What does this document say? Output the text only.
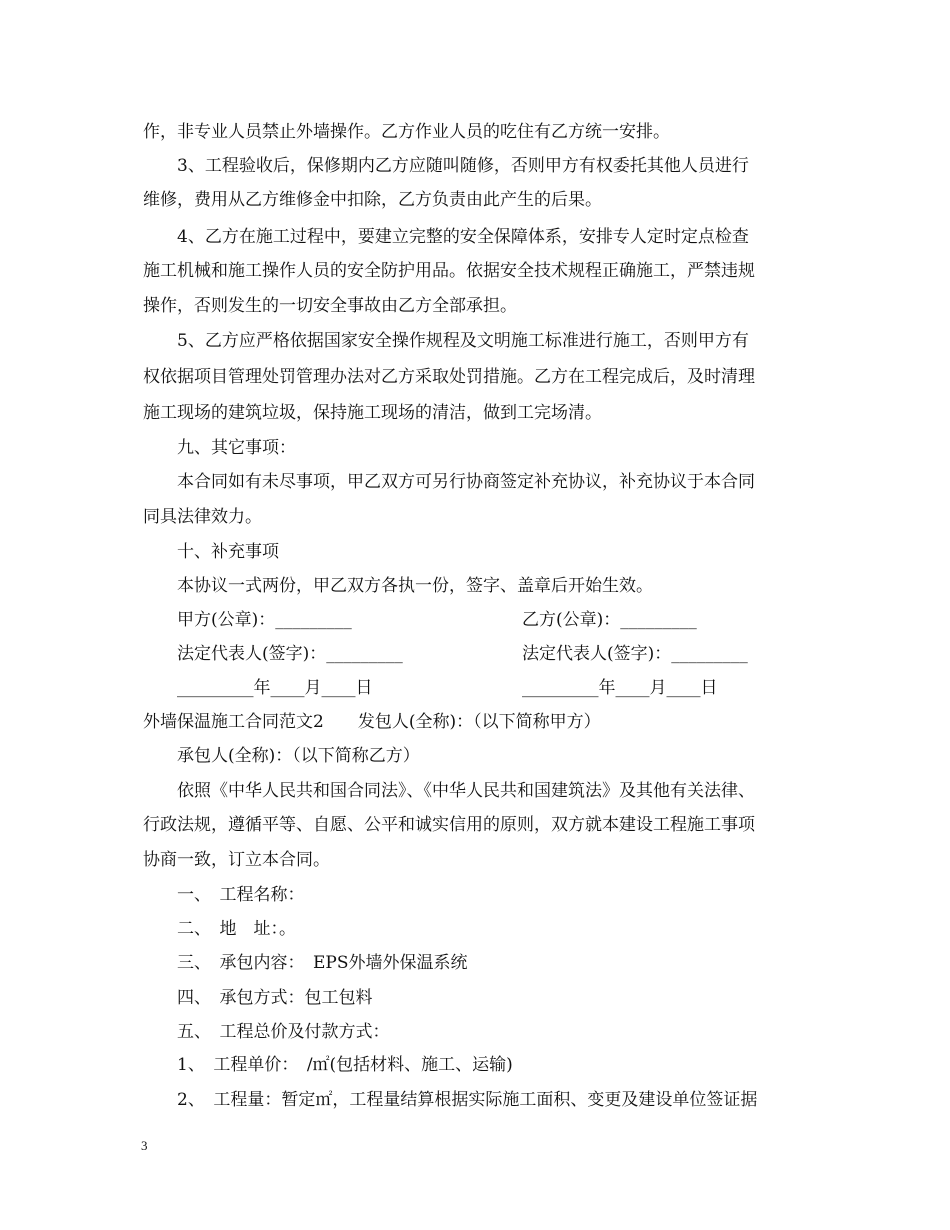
作，非专业人员禁止外墙操作。乙方作业人员的吃住有乙方统一安排。
3、工程验收后，保修期内乙方应随叫随修，否则甲方有权委托其他人员进行
维修，费用从乙方维修金中扣除，乙方负责由此产生的后果。
4、乙方在施工过程中，要建立完整的安全保障体系，安排专人定时定点检查
施工机械和施工操作人员的安全防护用品。依据安全技术规程正确施工，严禁违规
操作，否则发生的一切安全事故由乙方全部承担。
5、乙方应严格依据国家安全操作规程及文明施工标准进行施工，否则甲方有
权依据项目管理处罚管理办法对乙方采取处罚措施。乙方在工程完成后，及时清理
施工现场的建筑垃圾，保持施工现场的清洁，做到工完场清。
九、其它事项：
本合同如有未尽事项，甲乙双方可另行协商签定补充协议，补充协议于本合同
同具法律效力。
十、补充事项
本协议一式两份，甲乙双方各执一份，签字、盖章后开始生效。
甲方(公章)：_________	乙方(公章)：_________
法定代表人(签字)：_________	法定代表人(签字)：_________
_________年____月____日	_________年____月____日
外墙保温施工合同范文2　　发包人(全称)：（以下简称甲方）
承包人(全称)：（以下简称乙方）
依照《中华人民共和国合同法》、《中华人民共和国建筑法》及其他有关法律、
行政法规，遵循平等、自愿、公平和诚实信用的原则，双方就本建设工程施工事项
协商一致，订立本合同。
一、　工程名称：
二、　地　址：。
三、　承包内容：　EPS外墙外保温系统
四、　承包方式：包工包料
五、　工程总价及付款方式：
1、　工程单价：　/㎡(包括材料、施工、运输)
2、　工程量：暂定㎡，工程量结算根据实际施工面积、变更及建设单位签证据
3
